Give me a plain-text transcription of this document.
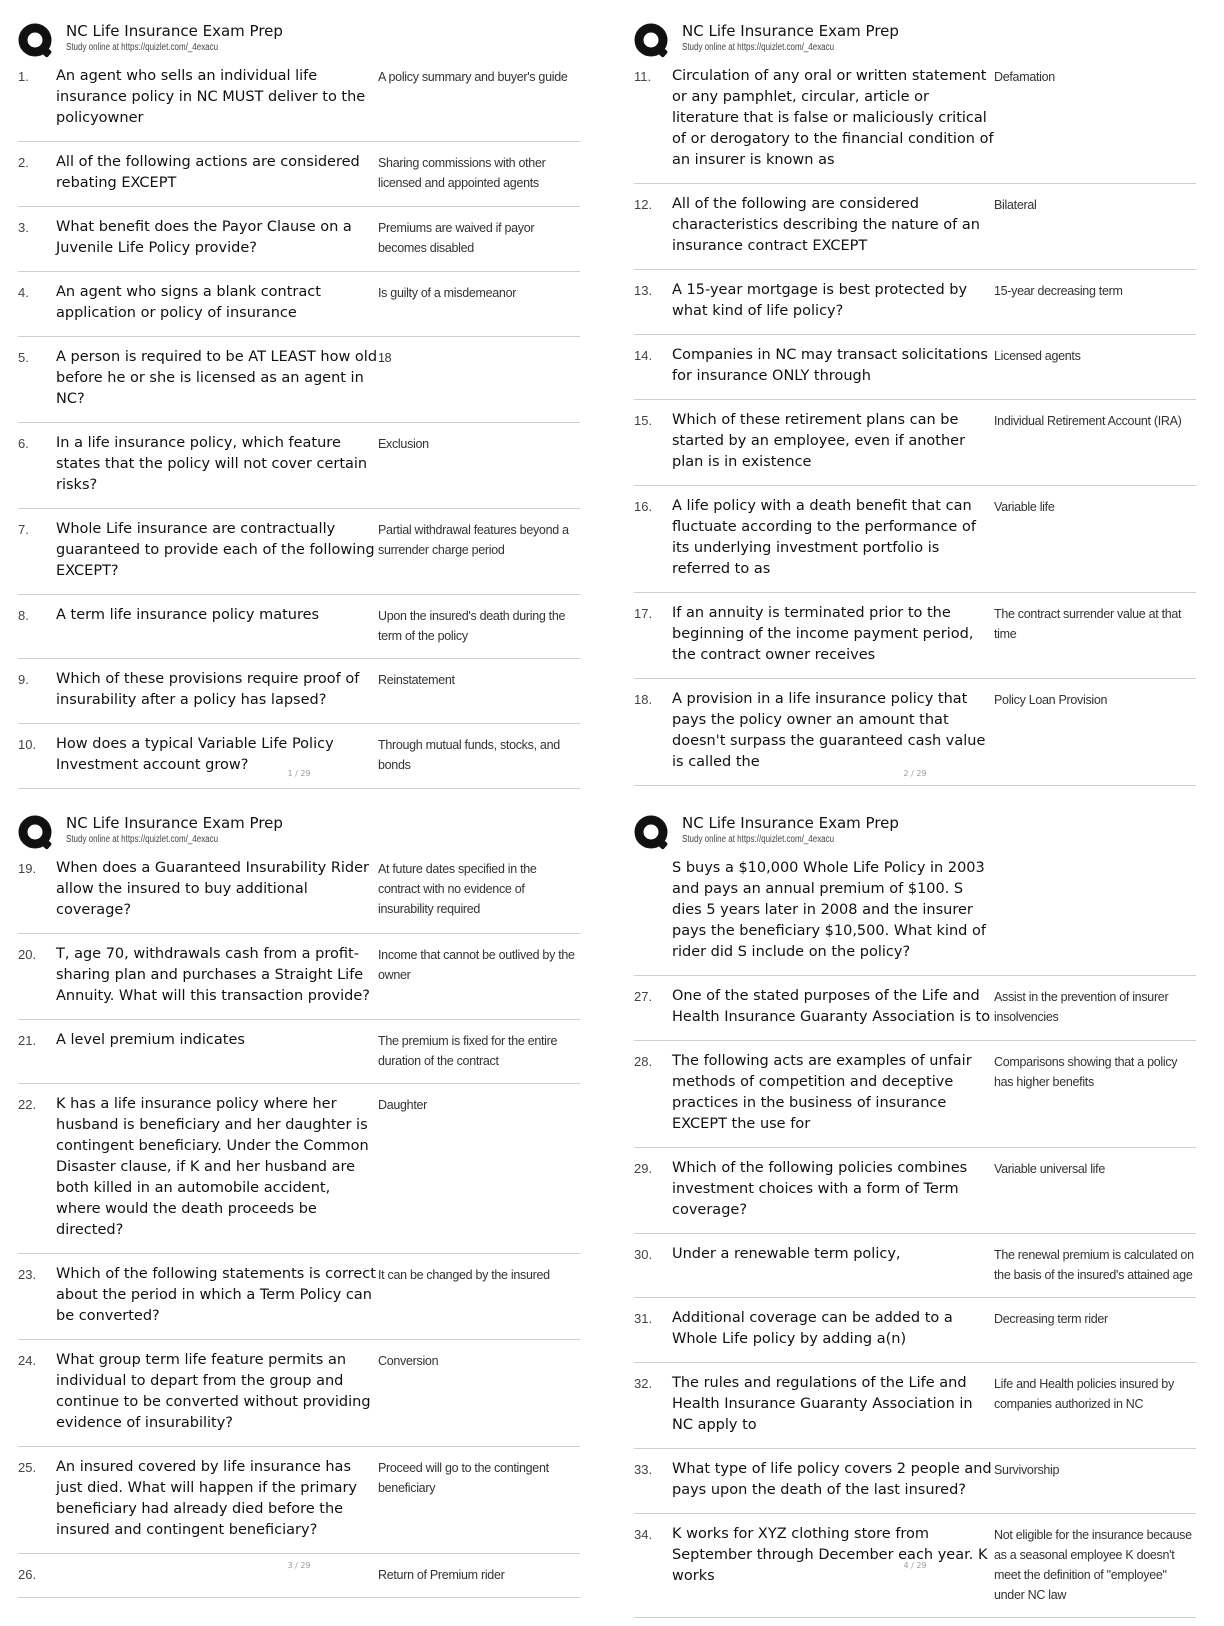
NC Life Insurance Exam Prep
Study online at https://quizlet.com/_4exacu
1.	An agent who sells an individual life insurance policy in NC MUST deliver to the policyowner
A policy summary and buyer's guide
2.	All of the following actions are considered rebating EXCEPT
Sharing commissions with other licensed and appointed agents
3.	What benefit does the Payor Clause on a Juvenile Life Policy provide?
Premiums are waived if payor becomes disabled
4.	An agent who signs a blank contract application or policy of insurance
Is guilty of a misdemeanor
5.	A person is required to be AT LEAST how old before he or she is licensed as an agent in NC?
18
6.	In a life insurance policy, which feature states that the policy will not cover certain risks?
Exclusion
7.	Whole Life insurance are contractually guaranteed to provide each of the following EXCEPT?
Partial withdrawal features beyond a surrender charge period
8.	A term life insurance policy matures	Upon the insured's death during the term of the policy
9.	Which of these provisions require proof of insurability after a policy has lapsed?
Reinstatement
10.	How does a typical Variable Life Policy Investment account grow?
Through mutual funds, stocks, and bonds
1 / 29
NC Life Insurance Exam Prep
Study online at https://quizlet.com/_4exacu
11.	Circulation of any oral or written statement or any pamphlet, circular, article or literature that is false or maliciously critical of or derogatory to the financial condition of an insurer is known as
Defamation
12.	All of the following are considered characteristics describing the nature of an insurance contract EXCEPT
Bilateral
13.	A 15-year mortgage is best protected by what kind of life policy?
15-year decreasing term
14.	Companies in NC may transact solicitations for insurance ONLY through
Licensed agents
15.	Which of these retirement plans can be started by an employee, even if another plan is in existence
Individual Retirement Account (IRA)
16.	A life policy with a death benefit that can fluctuate according to the performance of its underlying investment portfolio is referred to as
Variable life
17.	If an annuity is terminated prior to the beginning of the income payment period, the contract owner receives
The contract surrender value at that time
18.	A provision in a life insurance policy that pays the policy owner an amount that doesn't surpass the guaranteed cash value is called the
Policy Loan Provision
2 / 29
NC Life Insurance Exam Prep
Study online at https://quizlet.com/_4exacu
19.	When does a Guaranteed Insurability Rider allow the insured to buy additional coverage?
At future dates specified in the contract with no evidence of insurability required
20.	T, age 70, withdrawals cash from a profit-sharing plan and purchases a Straight Life Annuity. What will this transaction provide?
Income that cannot be outlived by the owner
21.	A level premium indicates	The premium is fixed for the entire duration of the contract
22.	K has a life insurance policy where her husband is beneficiary and her daughter is contingent beneficiary. Under the Common Disaster clause, if K and her husband are both killed in an automobile accident, where would the death proceeds be directed?
Daughter
23.	Which of the following statements is correct about the period in which a Term Policy can be converted?
It can be changed by the insured
24.	What group term life feature permits an individual to depart from the group and continue to be converted without providing evidence of insurability?
Conversion
25.	An insured covered by life insurance has just died. What will happen if the primary beneficiary had already died before the insured and contingent beneficiary?
Proceed will go to the contingent beneficiary
26.	Return of Premium rider
3 / 29
NC Life Insurance Exam Prep
Study online at https://quizlet.com/_4exacu
S buys a $10,000 Whole Life Policy in 2003 and pays an annual premium of $100. S dies 5 years later in 2008 and the insurer pays the beneficiary $10,500. What kind of rider did S include on the policy?
27.	One of the stated purposes of the Life and Health Insurance Guaranty Association is to
Assist in the prevention of insurer insolvencies
28.	The following acts are examples of unfair methods of competition and deceptive practices in the business of insurance EXCEPT the use for
Comparisons showing that a policy has higher benefits
29.	Which of the following policies combines investment choices with a form of Term coverage?
Variable universal life
30.	Under a renewable term policy,	The renewal premium is calculated on the basis of the insured's attained age
31.	Additional coverage can be added to a Whole Life policy by adding a(n)
Decreasing term rider
32.	The rules and regulations of the Life and Health Insurance Guaranty Association in NC apply to
Life and Health policies insured by companies authorized in NC
33.	What type of life policy covers 2 people and pays upon the death of the last insured?
Survivorship
34.	K works for XYZ clothing store from September through December each year. K works
Not eligible for the insurance because as a seasonal employee K doesn't meet the definition of "employee" under NC law
4 / 29
